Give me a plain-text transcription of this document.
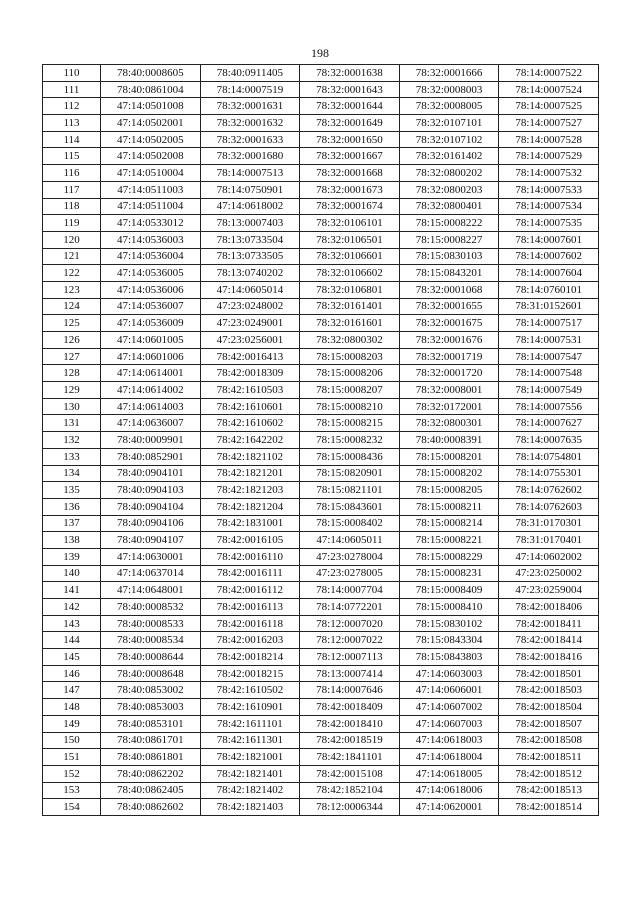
198
110	78:40:0008605	78:40:0911405	78:32:0001638	78:32:0001666	78:14:0007522
111	78:40:0861004	78:14:0007519	78:32:0001643	78:32:0008003	78:14:0007524
112	47:14:0501008	78:32:0001631	78:32:0001644	78:32:0008005	78:14:0007525
113	47:14:0502001	78:32:0001632	78:32:0001649	78:32:0107101	78:14:0007527
114	47:14:0502005	78:32:0001633	78:32:0001650	78:32:0107102	78:14:0007528
115	47:14:0502008	78:32:0001680	78:32:0001667	78:32:0161402	78:14:0007529
116	47:14:0510004	78:14:0007513	78:32:0001668	78:32:0800202	78:14:0007532
117	47:14:0511003	78:14:0750901	78:32:0001673	78:32:0800203	78:14:0007533
118	47:14:0511004	47:14:0618002	78:32:0001674	78:32:0800401	78:14:0007534
119	47:14:0533012	78:13:0007403	78:32:0106101	78:15:0008222	78:14:0007535
120	47:14:0536003	78:13:0733504	78:32:0106501	78:15:0008227	78:14:0007601
121	47:14:0536004	78:13:0733505	78:32:0106601	78:15:0830103	78:14:0007602
122	47:14:0536005	78:13:0740202	78:32:0106602	78:15:0843201	78:14:0007604
123	47:14:0536006	47:14:0605014	78:32:0106801	78:32:0001068	78:14:0760101
124	47:14:0536007	47:23:0248002	78:32:0161401	78:32:0001655	78:31:0152601
125	47:14:0536009	47:23:0249001	78:32:0161601	78:32:0001675	78:14:0007517
126	47:14:0601005	47:23:0256001	78:32:0800302	78:32:0001676	78:14:0007531
127	47:14:0601006	78:42:0016413	78:15:0008203	78:32:0001719	78:14:0007547
128	47:14:0614001	78:42:0018309	78:15:0008206	78:32:0001720	78:14:0007548
129	47:14:0614002	78:42:1610503	78:15:0008207	78:32:0008001	78:14:0007549
130	47:14:0614003	78:42:1610601	78:15:0008210	78:32:0172001	78:14:0007556
131	47:14:0636007	78:42:1610602	78:15:0008215	78:32:0800301	78:14:0007627
132	78:40:0009901	78:42:1642202	78:15:0008232	78:40:0008391	78:14:0007635
133	78:40:0852901	78:42:1821102	78:15:0008436	78:15:0008201	78:14:0754801
134	78:40:0904101	78:42:1821201	78:15:0820901	78:15:0008202	78:14:0755301
135	78:40:0904103	78:42:1821203	78:15:0821101	78:15:0008205	78:14:0762602
136	78:40:0904104	78:42:1821204	78:15:0843601	78:15:0008211	78:14:0762603
137	78:40:0904106	78:42:1831001	78:15:0008402	78:15:0008214	78:31:0170301
138	78:40:0904107	78:42:0016105	47:14:0605011	78:15:0008221	78:31:0170401
139	47:14:0630001	78:42:0016110	47:23:0278004	78:15:0008229	47:14:0602002
140	47:14:0637014	78:42:0016111	47:23:0278005	78:15:0008231	47:23:0250002
141	47:14:0648001	78:42:0016112	78:14:0007704	78:15:0008409	47:23:0259004
142	78:40:0008532	78:42:0016113	78:14:0772201	78:15:0008410	78:42:0018406
143	78:40:0008533	78:42:0016118	78:12:0007020	78:15:0830102	78:42:0018411
144	78:40:0008534	78:42:0016203	78:12:0007022	78:15:0843304	78:42:0018414
145	78:40:0008644	78:42:0018214	78:12:0007113	78:15:0843803	78:42:0018416
146	78:40:0008648	78:42:0018215	78:13:0007414	47:14:0603003	78:42:0018501
147	78:40:0853002	78:42:1610502	78:14:0007646	47:14:0606001	78:42:0018503
148	78:40:0853003	78:42:1610901	78:42:0018409	47:14:0607002	78:42:0018504
149	78:40:0853101	78:42:1611101	78:42:0018410	47:14:0607003	78:42:0018507
150	78:40:0861701	78:42:1611301	78:42:0018519	47:14:0618003	78:42:0018508
151	78:40:0861801	78:42:1821001	78:42:1841101	47:14:0618004	78:42:0018511
152	78:40:0862202	78:42:1821401	78:42:0015108	47:14:0618005	78:42:0018512
153	78:40:0862405	78:42:1821402	78:42:1852104	47:14:0618006	78:42:0018513
154	78:40:0862602	78:42:1821403	78:12:0006344	47:14:0620001	78:42:0018514
